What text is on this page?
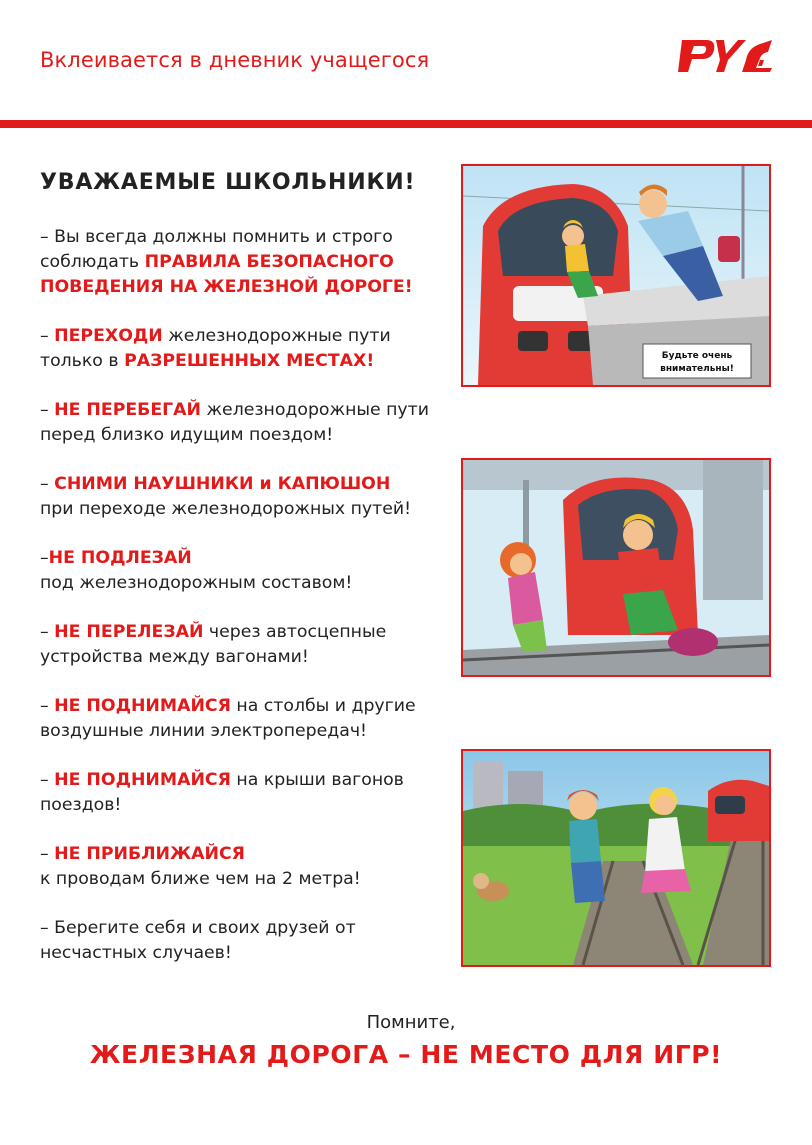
Вклеивается в дневник учащегося
УВАЖАЕМЫЕ ШКОЛЬНИКИ!

– Вы всегда должны помнить и строго соблюдать ПРАВИЛА БЕЗОПАСНОГО ПОВЕДЕНИЯ НА ЖЕЛЕЗНОЙ ДОРОГЕ!

– ПЕРЕХОДИ железнодорожные пути только в РАЗРЕШЕННЫХ МЕСТАХ!

– НЕ ПЕРЕБЕГАЙ железнодорожные пути перед близко идущим поездом!

– СНИМИ НАУШНИКИ и КАПЮШОН
при переходе железнодорожных путей!

–НЕ ПОДЛЕЗАЙ
под железнодорожным составом!

– НЕ ПЕРЕЛЕЗАЙ через автосцепные устройства между вагонами!

– НЕ ПОДНИМАЙСЯ на столбы и другие воздушные линии электропередач!

– НЕ ПОДНИМАЙСЯ на крыши вагонов поездов!

– НЕ ПРИБЛИЖАЙСЯ
к проводам ближе чем на 2 метра!

– Берегите себя и своих друзей от несчастных случаев!

Будьте очень
внимательны!
Помните,
ЖЕЛЕЗНАЯ ДОРОГА – НЕ МЕСТО ДЛЯ ИГР!
